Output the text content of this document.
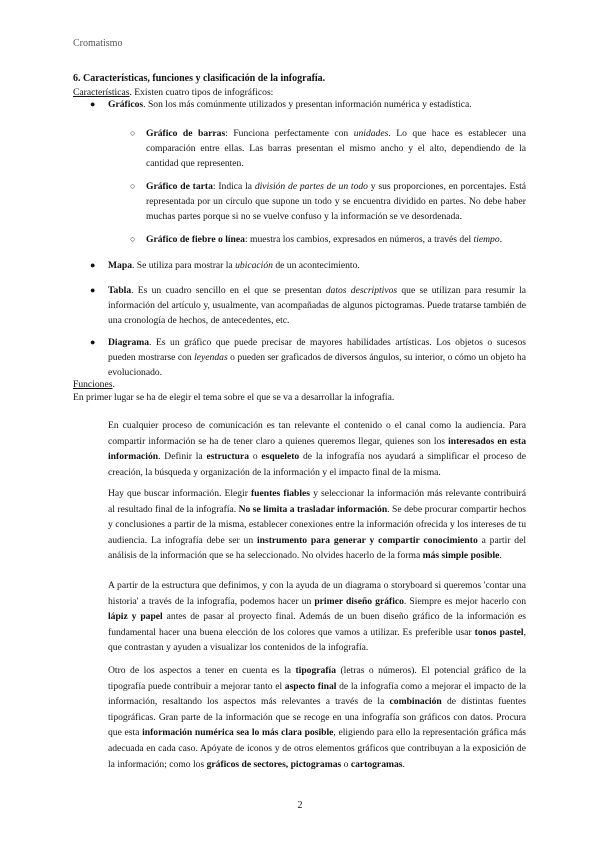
Cromatismo
6. Características, funciones y clasificación de la infografía.
Características. Existen cuatro tipos de infográficos:
● Gráficos. Son los más comúnmente utilizados y presentan información numérica y estadística.
○ Gráfico de barras: Funciona perfectamente con unidades. Lo que hace es establecer una comparación entre ellas. Las barras presentan el mismo ancho y el alto, dependiendo de la cantidad que representen.
○ Gráfico de tarta: Indica la división de partes de un todo y sus proporciones, en porcentajes. Está representada por un círculo que supone un todo y se encuentra dividido en partes. No debe haber muchas partes porque si no se vuelve confuso y la información se ve desordenada.
○ Gráfico de fiebre o línea: muestra los cambios, expresados en números, a través del tiempo.
● Mapa. Se utiliza para mostrar la ubicación de un acontecimiento.
● Tabla. Es un cuadro sencillo en el que se presentan datos descriptivos que se utilizan para resumir la información del artículo y, usualmente, van acompañadas de algunos pictogramas. Puede tratarse también de una cronología de hechos, de antecedentes, etc.
● Diagrama. Es un gráfico que puede precisar de mayores habilidades artísticas. Los objetos o sucesos pueden mostrarse con leyendas o pueden ser graficados de diversos ángulos, su interior, o cómo un objeto ha evolucionado.
Funciones.
En primer lugar se ha de elegir el tema sobre el que se va a desarrollar la infografía.
En cualquier proceso de comunicación es tan relevante el contenido o el canal como la audiencia. Para compartir información se ha de tener claro a quienes queremos llegar, quienes son los interesados en esta información. Definir la estructura o esqueleto de la infografía nos ayudará a simplificar el proceso de creación, la búsqueda y organización de la información y el impacto final de la misma.
Hay que buscar información. Elegir fuentes fiables y seleccionar la información más relevante contribuirá al resultado final de la infografía. No se limita a trasladar información. Se debe procurar compartir hechos y conclusiones a partir de la misma, establecer conexiones entre la información ofrecida y los intereses de tu audiencia. La infografía debe ser un instrumento para generar y compartir conocimiento a partir del análisis de la información que se ha seleccionado. No olvides hacerlo de la forma más simple posible.
A partir de la estructura que definimos, y con la ayuda de un diagrama o storyboard si queremos 'contar una historia' a través de la infografía, podemos hacer un primer diseño gráfico. Siempre es mejor hacerlo con lápiz y papel antes de pasar al proyecto final. Además de un buen diseño gráfico de la información es fundamental hacer una buena elección de los colores que vamos a utilizar. Es preferible usar tonos pastel, que contrastan y ayuden a visualizar los contenidos de la infografía.
Otro de los aspectos a tener en cuenta es la tipografía (letras o números). El potencial gráfico de la tipografía puede contribuir a mejorar tanto el aspecto final de la infografía como a mejorar el impacto de la información, resaltando los aspectos más relevantes a través de la combinación de distintas fuentes tipográficas. Gran parte de la información que se recoge en una infografía son gráficos con datos. Procura que esta información numérica sea lo más clara posible, eligiendo para ello la representación gráfica más adecuada en cada caso. Apóyate de iconos y de otros elementos gráficos que contribuyan a la exposición de la información; como los gráficos de sectores, pictogramas o cartogramas.
2
